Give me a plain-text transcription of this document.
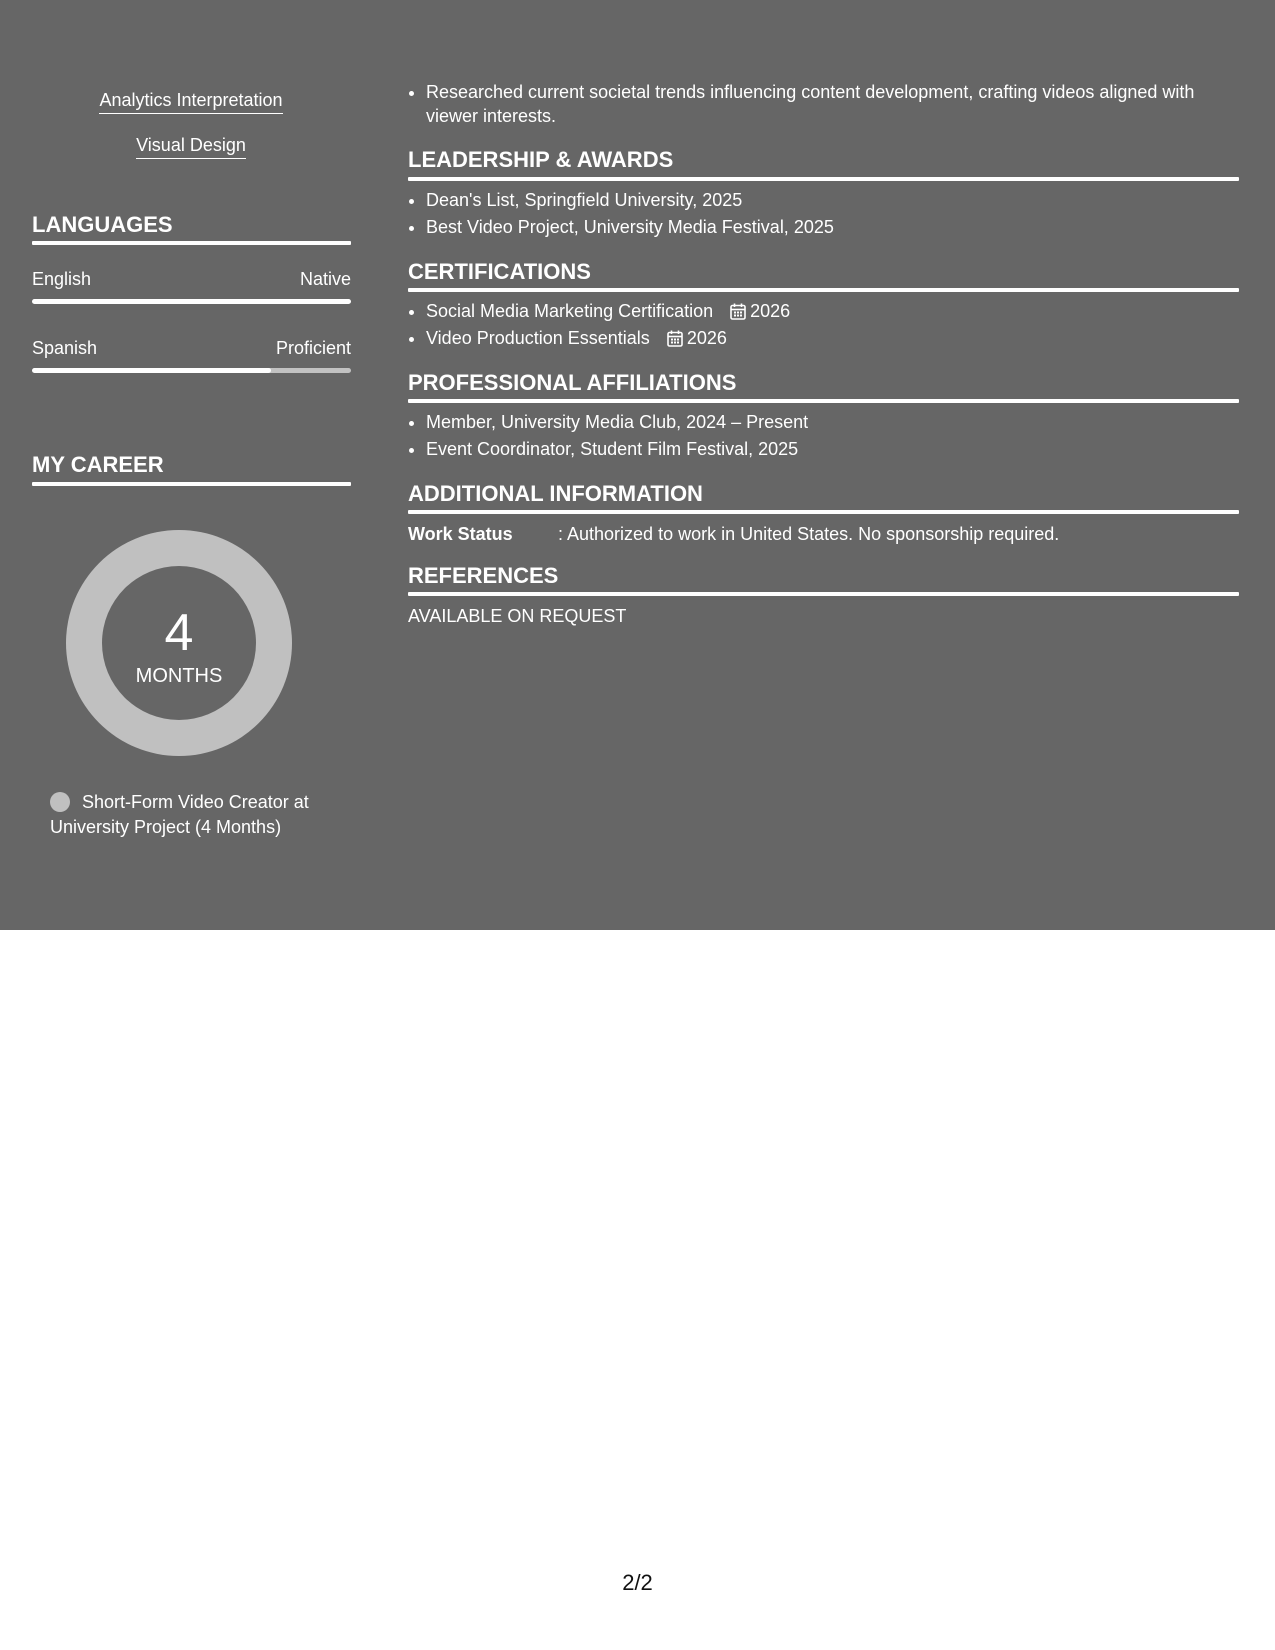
Analytics Interpretation
Visual Design
LANGUAGES
English	Native
Spanish	Proficient
MY CAREER
4
MONTHS
Short-Form Video Creator at University Project (4 Months)
• Researched current societal trends influencing content development, crafting videos aligned with viewer interests.
LEADERSHIP & AWARDS
• Dean's List, Springfield University, 2025
• Best Video Project, University Media Festival, 2025
CERTIFICATIONS
• Social Media Marketing Certification 2026
• Video Production Essentials 2026
PROFESSIONAL AFFILIATIONS
• Member, University Media Club, 2024 – Present
• Event Coordinator, Student Film Festival, 2025
ADDITIONAL INFORMATION
Work Status	: Authorized to work in United States. No sponsorship required.
REFERENCES
AVAILABLE ON REQUEST
2/2
